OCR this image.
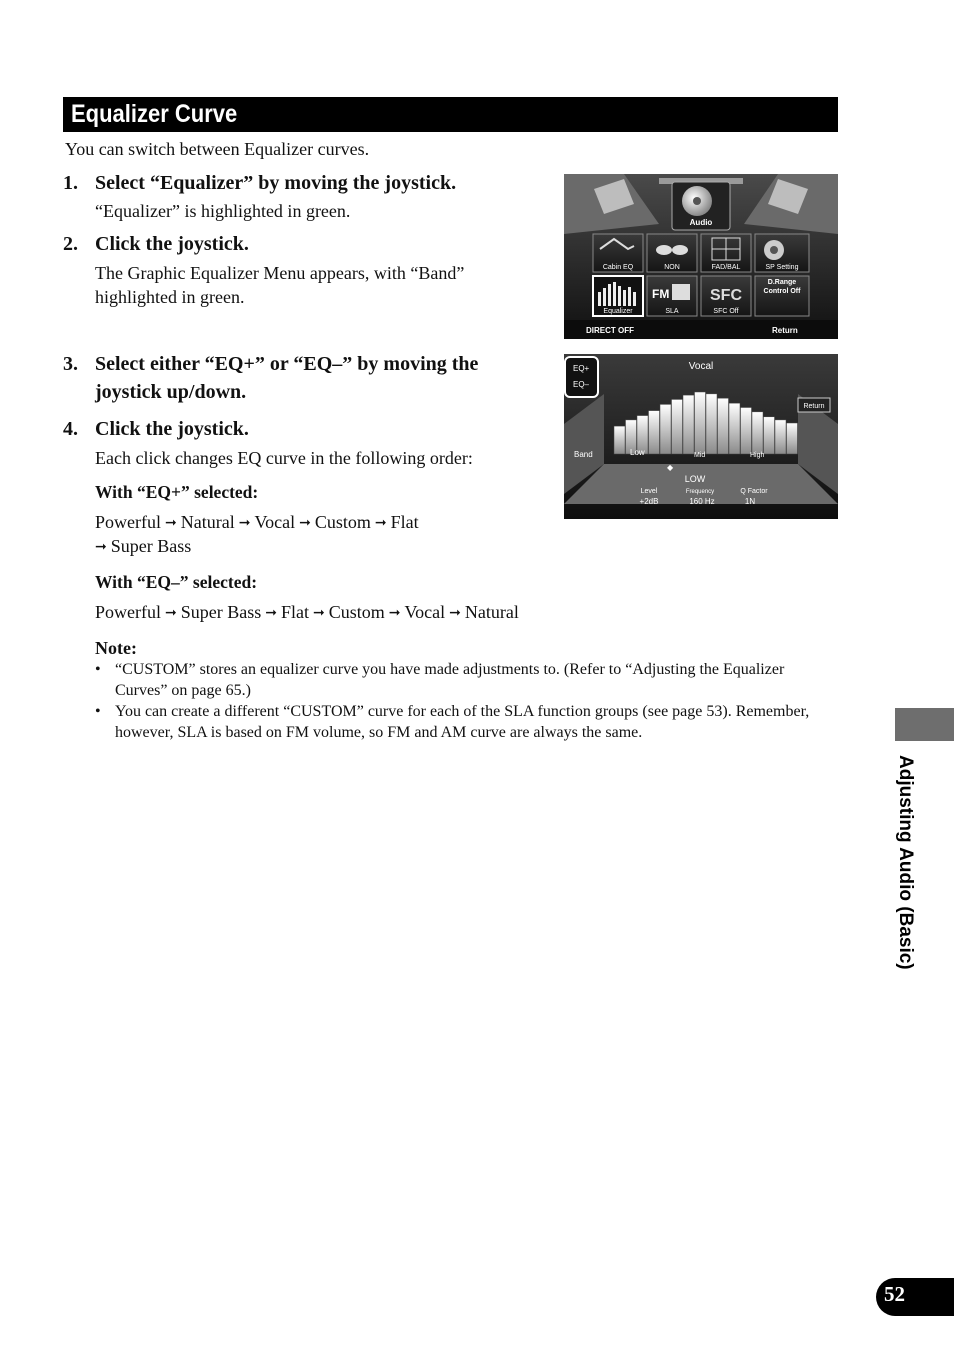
Equalizer Curve
You can switch between Equalizer curves.
1. Select “Equalizer” by moving the joystick.
“Equalizer” is highlighted in green.
2. Click the joystick.
The Graphic Equalizer Menu appears, with “Band”
highlighted in green.
3. Select either “EQ+” or “EQ–” by moving the
joystick up/down.
4. Click the joystick.
Each click changes EQ curve in the following order:
With “EQ+” selected:
Powerful ➞ Natural ➞ Vocal ➞ Custom ➞ Flat
➞ Super Bass
With “EQ–” selected:
Powerful ➞ Super Bass ➞ Flat ➞ Custom ➞ Vocal ➞ Natural
Note:
• “CUSTOM” stores an equalizer curve you have made adjustments to. (Refer to “Adjusting the Equalizer Curves” on page 65.)
• You can create a different “CUSTOM” curve for each of the SLA function groups (see page 53). Remember, however, SLA is based on FM volume, so FM and AM curve are always the same.
Audio
Cabin EQ	NON	FAD/BAL	SP Setting
Equalizer
FM
SLA
SFC
SFC Off
D.Range Control Off
DIRECT OFF	Return
EQ+
EQ–
Vocal
Return
Band	Low	Mid	High
◆
LOW
Level
+2dB
Frequency
160 Hz
Q Factor
1N
Adjusting Audio (Basic)
52
